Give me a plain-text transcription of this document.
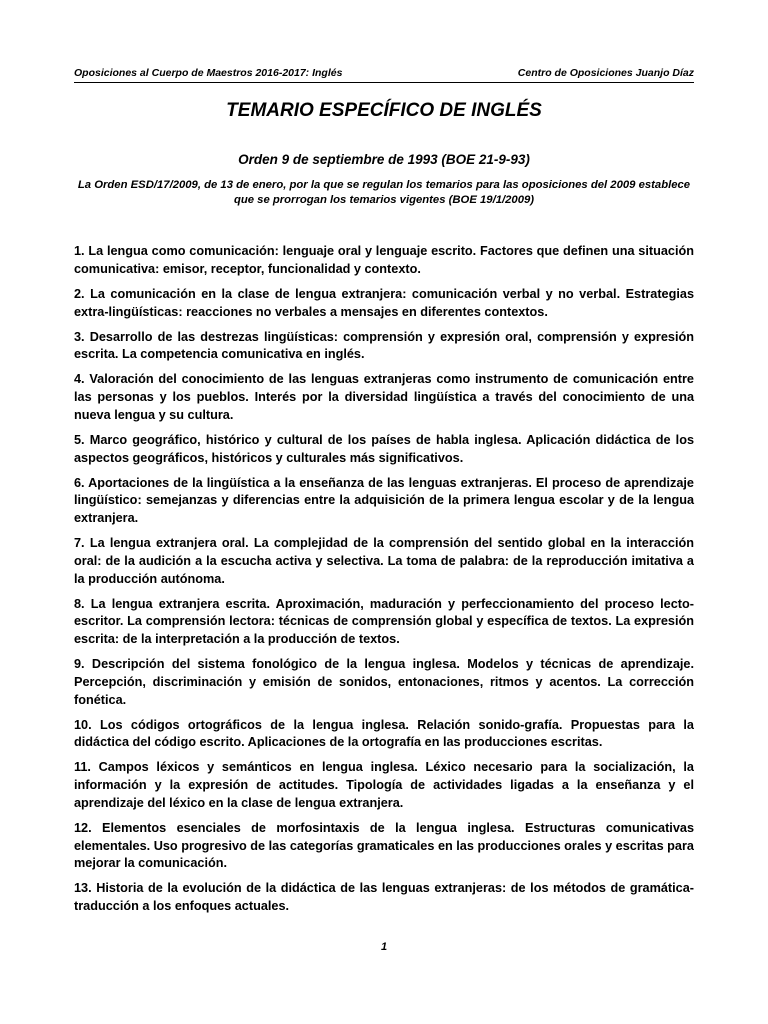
Oposiciones al Cuerpo de Maestros 2016-2017: Inglés	Centro de Oposiciones Juanjo Díaz
TEMARIO ESPECÍFICO DE INGLÉS
Orden 9 de septiembre de 1993 (BOE 21-9-93)
La Orden ESD/17/2009, de 13 de enero, por la que se regulan los temarios para las oposiciones del 2009 establece que se prorrogan los temarios vigentes (BOE 19/1/2009)
1. La lengua como comunicación: lenguaje oral y lenguaje escrito. Factores que definen una situación comunicativa: emisor, receptor, funcionalidad y contexto.
2. La comunicación en la clase de lengua extranjera: comunicación verbal y no verbal. Estrategias extra-lingüísticas: reacciones no verbales a mensajes en diferentes contextos.
3. Desarrollo de las destrezas lingüísticas: comprensión y expresión oral, comprensión y expresión escrita. La competencia comunicativa en inglés.
4. Valoración del conocimiento de las lenguas extranjeras como instrumento de comunicación entre las personas y los pueblos. Interés por la diversidad lingüística a través del conocimiento de una nueva lengua y su cultura.
5. Marco geográfico, histórico y cultural de los países de habla inglesa. Aplicación didáctica de los aspectos geográficos, históricos y culturales más significativos.
6. Aportaciones de la lingüística a la enseñanza de las lenguas extranjeras. El proceso de aprendizaje lingüístico: semejanzas y diferencias entre la adquisición de la primera lengua escolar y de la lengua extranjera.
7. La lengua extranjera oral. La complejidad de la comprensión del sentido global en la interacción oral: de la audición a la escucha activa y selectiva. La toma de palabra: de la reproducción imitativa a la producción autónoma.
8. La lengua extranjera escrita. Aproximación, maduración y perfeccionamiento del proceso lecto-escritor. La comprensión lectora: técnicas de comprensión global y específica de textos. La expresión escrita: de la interpretación a la producción de textos.
9. Descripción del sistema fonológico de la lengua inglesa. Modelos y técnicas de aprendizaje. Percepción, discriminación y emisión de sonidos, entonaciones, ritmos y acentos. La corrección fonética.
10. Los códigos ortográficos de la lengua inglesa. Relación sonido-grafía. Propuestas para la didáctica del código escrito. Aplicaciones de la ortografía en las producciones escritas.
11. Campos léxicos y semánticos en lengua inglesa. Léxico necesario para la socialización, la información y la expresión de actitudes. Tipología de actividades ligadas a la enseñanza y el aprendizaje del léxico en la clase de lengua extranjera.
12. Elementos esenciales de morfosintaxis de la lengua inglesa. Estructuras comunicativas elementales. Uso progresivo de las categorías gramaticales en las producciones orales y escritas para mejorar la comunicación.
13. Historia de la evolución de la didáctica de las lenguas extranjeras: de los métodos de gramática-traducción a los enfoques actuales.
1
